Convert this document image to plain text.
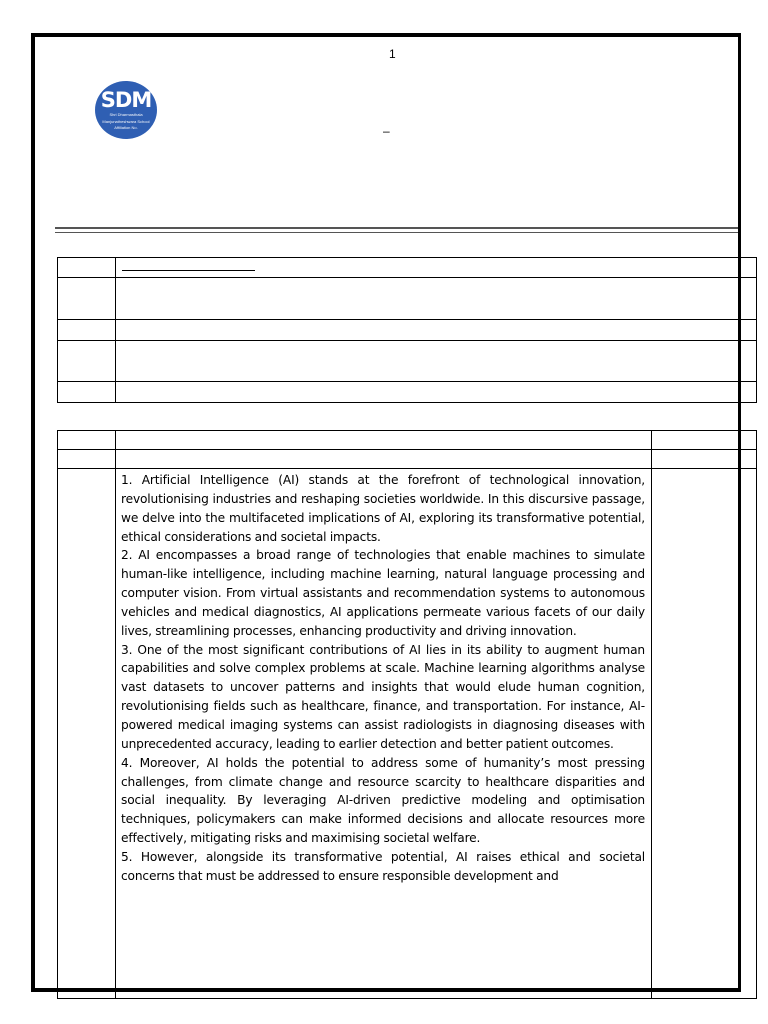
1
SDM
Shri Dharmasthala
Manjunatheshwara School
Affiliation No.	–

	1. Artificial Intelligence (AI) stands at the forefront of technological innovation, revolutionising industries and reshaping societies worldwide. In this discursive passage, we delve into the multifaceted implications of AI, exploring its transformative potential, ethical considerations and societal impacts.

2. AI encompasses a broad range of technologies that enable machines to simulate human-like intelligence, including machine learning, natural language processing and computer vision. From virtual assistants and recommendation systems to autonomous vehicles and medical diagnostics, AI applications permeate various facets of our daily lives, streamlining processes, enhancing productivity and driving innovation.

3. One of the most significant contributions of AI lies in its ability to augment human capabilities and solve complex problems at scale. Machine learning algorithms analyse vast datasets to uncover patterns and insights that would elude human cognition, revolutionising fields such as healthcare, finance, and transportation. For instance, AI-powered medical imaging systems can assist radiologists in diagnosing diseases with unprecedented accuracy, leading to earlier detection and better patient outcomes.

4. Moreover, AI holds the potential to address some of humanity’s most pressing challenges, from climate change and resource scarcity to healthcare disparities and social inequality. By leveraging AI-driven predictive modeling and optimisation techniques, policymakers can make informed decisions and allocate resources more effectively, mitigating risks and maximising societal welfare.

5. However, alongside its transformative potential, AI raises ethical and societal concerns that must be addressed to ensure responsible development and	
